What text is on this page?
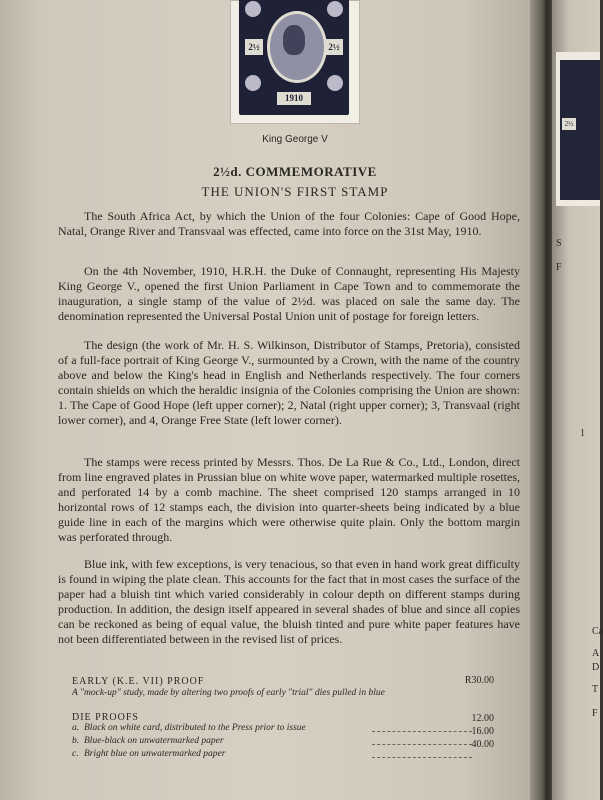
2½	2½
1910
King George V
2½d. COMMEMORATIVE
THE UNION'S FIRST STAMP
The South Africa Act, by which the Union of the four Colonies: Cape of Good Hope, Natal, Orange River and Transvaal was effected, came into force on the 31st May, 1910.
On the 4th November, 1910, H.R.H. the Duke of Connaught, representing His Majesty King George V., opened the first Union Parliament in Cape Town and to commemorate the inauguration, a single stamp of the value of 2½d. was placed on sale the same day. The denomination represented the Universal Postal Union unit of postage for foreign letters.
The design (the work of Mr. H. S. Wilkinson, Distributor of Stamps, Pretoria), consisted of a full-face portrait of King George V., surmounted by a Crown, with the name of the country above and below the King's head in English and Netherlands respectively. The four corners contain shields on which the heraldic insignia of the Colonies comprising the Union are shown: 1. The Cape of Good Hope (left upper corner); 2, Natal (right upper corner); 3, Transvaal (right lower corner), and 4, Orange Free State (left lower corner).
The stamps were recess printed by Messrs. Thos. De La Rue & Co., Ltd., London, direct from line engraved plates in Prussian blue on white wove paper, watermarked multiple rosettes, and perforated 14 by a comb machine. The sheet comprised 120 stamps arranged in 10 horizontal rows of 12 stamps each, the division into quarter-sheets being indicated by a blue guide line in each of the margins which were otherwise quite plain. Only the bottom margin was perforated through.
Blue ink, with few exceptions, is very tenacious, so that even in hand work great difficulty is found in wiping the plate clean. This accounts for the fact that in most cases the surface of the paper had a bluish tint which varied considerably in colour depth on different stamps during production. In addition, the design itself appeared in several shades of blue and since all copies can be reckoned as being of equal value, the bluish tinted and pure white paper features have not been differentiated between in the revised list of prices.
EARLY (K.E. VII) PROOF
A "mock-up" study, made by altering two proofs of early "trial" dies pulled in blue
R30.00
DIE PROOFS
a. Black on white card, distributed to the Press prior to issue
12.00
b. Blue-black on unwatermarked paper
16.00
c. Bright blue on unwatermarked paper
40.00
2½
S
F
1
Ca
A
D
T
F
